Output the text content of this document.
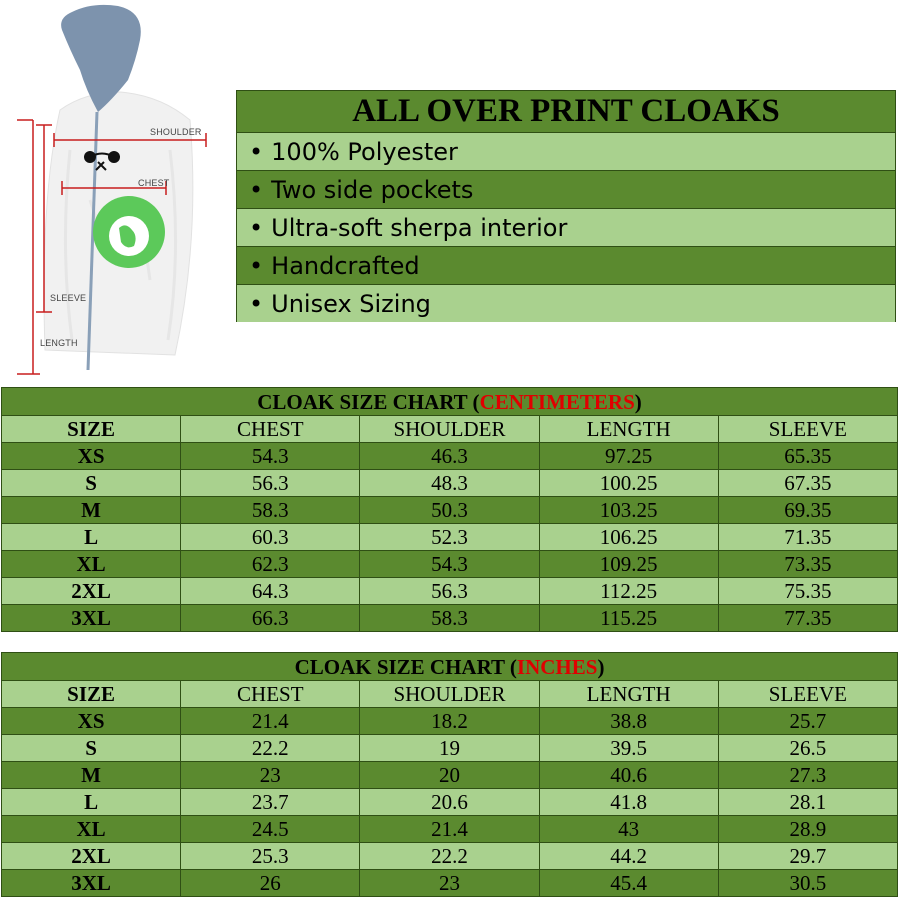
SHOULDER
CHEST
SLEEVE
LENGTH
ALL OVER PRINT CLOAKS
• 100% Polyester
• Two side pockets
• Ultra-soft sherpa interior
• Handcrafted
• Unisex Sizing
CLOAK SIZE CHART (CENTIMETERS)				
SIZE	CHEST	SHOULDER	LENGTH	SLEEVE
XS	54.3	46.3	97.25	65.35
S	56.3	48.3	100.25	67.35
M	58.3	50.3	103.25	69.35
L	60.3	52.3	106.25	71.35
XL	62.3	54.3	109.25	73.35
2XL	64.3	56.3	112.25	75.35
3XL	66.3	58.3	115.25	77.35
CLOAK SIZE CHART (INCHES)				
SIZE	CHEST	SHOULDER	LENGTH	SLEEVE
XS	21.4	18.2	38.8	25.7
S	22.2	19	39.5	26.5
M	23	20	40.6	27.3
L	23.7	20.6	41.8	28.1
XL	24.5	21.4	43	28.9
2XL	25.3	22.2	44.2	29.7
3XL	26	23	45.4	30.5
